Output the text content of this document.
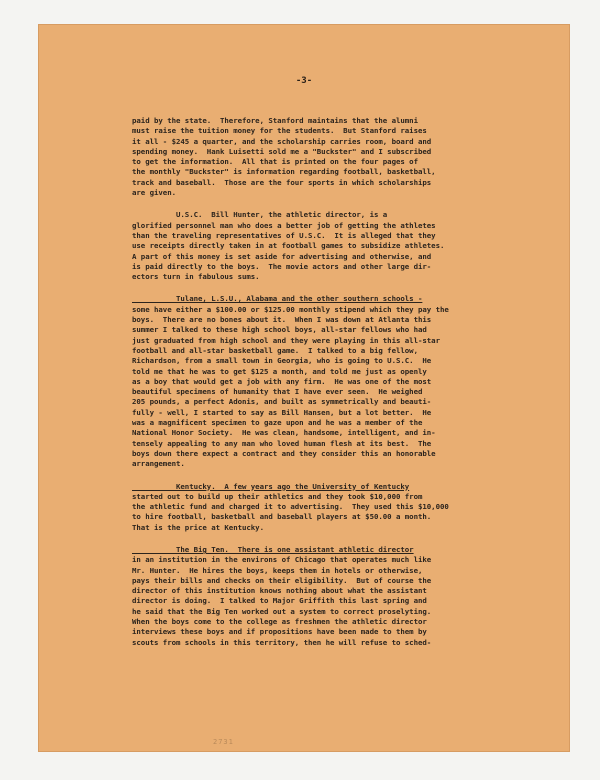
-3-
paid by the state.  Therefore, Stanford maintains that the alumni
must raise the tuition money for the students.  But Stanford raises
it all - $245 a quarter, and the scholarship carries room, board and
spending money.  Hank Luisetti sold me a "Buckster" and I subscribed
to get the information.  All that is printed on the four pages of
the monthly "Buckster" is information regarding football, basketball,
track and baseball.  Those are the four sports in which scholarships
are given.
U.S.C.  Bill Hunter, the athletic director, is a
glorified personnel man who does a better job of getting the athletes
than the traveling representatives of U.S.C.  It is alleged that they
use receipts directly taken in at football games to subsidize athletes.
A part of this money is set aside for advertising and otherwise, and
is paid directly to the boys.  The movie actors and other large dir-
ectors turn in fabulous sums.
Tulane, L.S.U., Alabama and the other southern schools -
some have either a $100.00 or $125.00 monthly stipend which they pay the
boys.  There are no bones about it.  When I was down at Atlanta this
summer I talked to these high school boys, all-star fellows who had
just graduated from high school and they were playing in this all-star
football and all-star basketball game.  I talked to a big fellow,
Richardson, from a small town in Georgia, who is going to U.S.C.  He
told me that he was to get $125 a month, and told me just as openly
as a boy that would get a job with any firm.  He was one of the most
beautiful specimens of humanity that I have ever seen.  He weighed
205 pounds, a perfect Adonis, and built as symmetrically and beauti-
fully - well, I started to say as Bill Hansen, but a lot better.  He
was a magnificent specimen to gaze upon and he was a member of the
National Honor Society.  He was clean, handsome, intelligent, and in-
tensely appealing to any man who loved human flesh at its best.  The
boys down there expect a contract and they consider this an honorable
arrangement.
Kentucky.  A few years ago the University of Kentucky
started out to build up their athletics and they took $10,000 from
the athletic fund and charged it to advertising.  They used this $10,000
to hire football, basketball and baseball players at $50.00 a month.
That is the price at Kentucky.
The Big Ten.  There is one assistant athletic director
in an institution in the environs of Chicago that operates much like
Mr. Hunter.  He hires the boys, keeps them in hotels or otherwise,
pays their bills and checks on their eligibility.  But of course the
director of this institution knows nothing about what the assistant
director is doing.  I talked to Major Griffith this last spring and
he said that the Big Ten worked out a system to correct proselyting.
When the boys come to the college as freshmen the athletic director
interviews these boys and if propositions have been made to them by
scouts from schools in this territory, then he will refuse to sched-
2731
